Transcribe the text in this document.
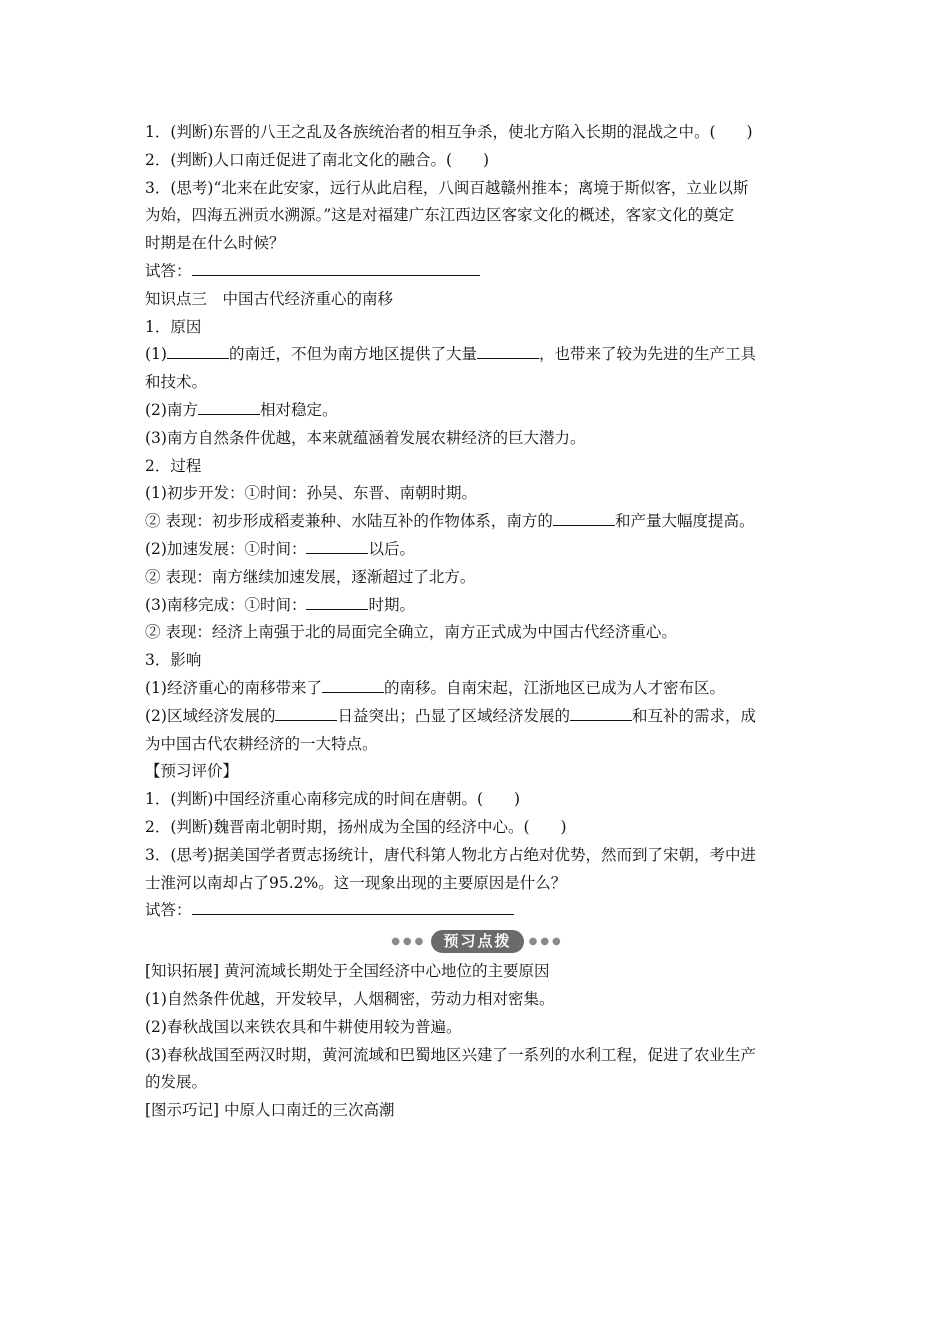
1．(判断)东晋的八王之乱及各族统治者的相互争杀，使北方陷入长期的混战之中。(　　)
2．(判断)人口南迁促进了南北文化的融合。(　　)
3．(思考)“北来在此安家，远行从此启程，八闽百越赣州推本；离境于斯似客，立业以斯
为始，四海五洲贡水溯源。”这是对福建广东江西边区客家文化的概述，客家文化的奠定
时期是在什么时候？
试答：
知识点三　中国古代经济重心的南移
1．原因
(1)	的南迁，不但为南方地区提供了大量	，也带来了较为先进的生产工具
和技术。
(2)南方	相对稳定。
(3)南方自然条件优越，本来就蕴涵着发展农耕经济的巨大潜力。
2．过程
(1)初步开发：①时间：孙吴、东晋、南朝时期。
② 表现：初步形成稻麦兼种、水陆互补的作物体系，南方的	和产量大幅度提高。
(2)加速发展：①时间：	以后。
② 表现：南方继续加速发展，逐渐超过了北方。
(3)南移完成：①时间：	时期。
② 表现：经济上南强于北的局面完全确立，南方正式成为中国古代经济重心。
3．影响
(1)经济重心的南移带来了	的南移。自南宋起，江浙地区已成为人才密布区。
(2)区域经济发展的	日益突出；凸显了区域经济发展的	和互补的需求，成
为中国古代农耕经济的一大特点。
【预习评价】
1．(判断)中国经济重心南移完成的时间在唐朝。(　　)
2．(判断)魏晋南北朝时期，扬州成为全国的经济中心。(　　)
3．(思考)据美国学者贾志扬统计，唐代科第人物北方占绝对优势，然而到了宋朝，考中进
士淮河以南却占了95.2%。这一现象出现的主要原因是什么？
试答：
●●● 预习点拨 ●●●
[知识拓展] 黄河流域长期处于全国经济中心地位的主要原因
(1)自然条件优越，开发较早，人烟稠密，劳动力相对密集。
(2)春秋战国以来铁农具和牛耕使用较为普遍。
(3)春秋战国至两汉时期，黄河流域和巴蜀地区兴建了一系列的水利工程，促进了农业生产
的发展。
[图示巧记] 中原人口南迁的三次高潮
